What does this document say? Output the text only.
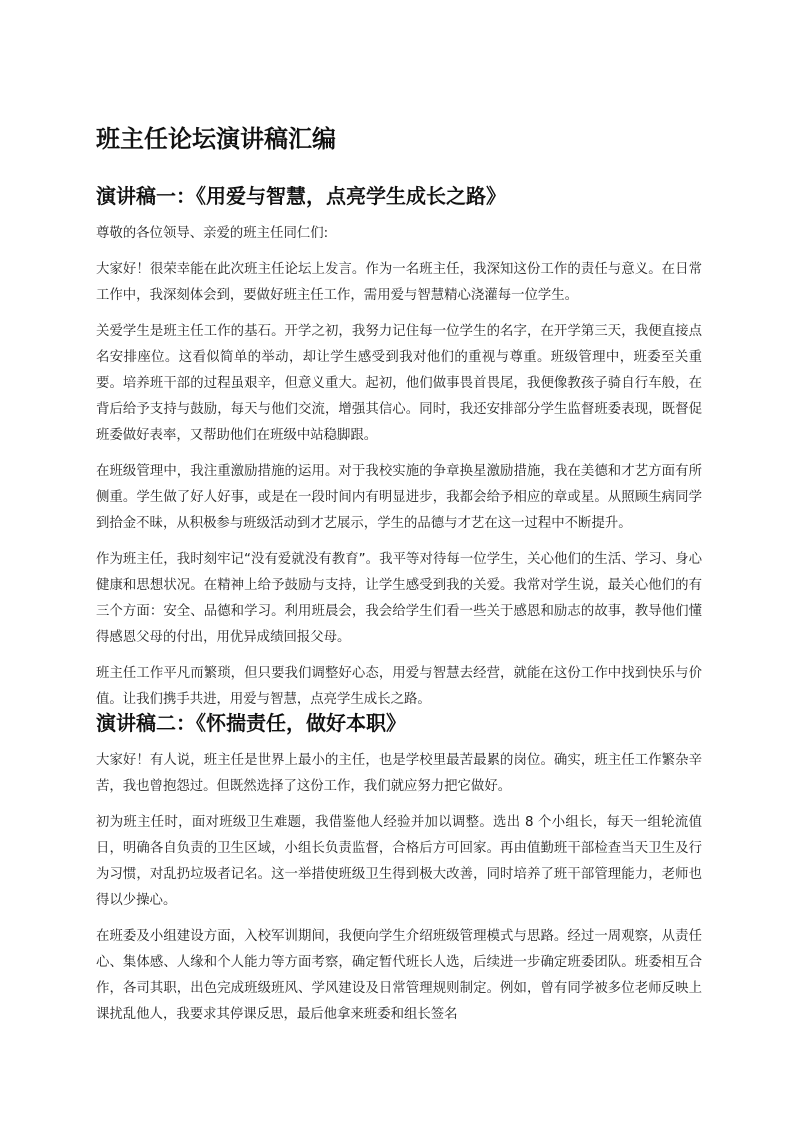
班主任论坛演讲稿汇编
演讲稿一：《用爱与智慧，点亮学生成长之路》

尊敬的各位领导、亲爱的班主任同仁们:

大家好！很荣幸能在此次班主任论坛上发言。作为一名班主任，我深知这份工作的责任与意义。在日常工作中，我深刻体会到，要做好班主任工作，需用爱与智慧精心浇灌每一位学生。

关爱学生是班主任工作的基石。开学之初，我努力记住每一位学生的名字，在开学第三天，我便直接点名安排座位。这看似简单的举动，却让学生感受到我对他们的重视与尊重。班级管理中，班委至关重要。培养班干部的过程虽艰辛，但意义重大。起初，他们做事畏首畏尾，我便像教孩子骑自行车般，在背后给予支持与鼓励，每天与他们交流，增强其信心。同时，我还安排部分学生监督班委表现，既督促班委做好表率，又帮助他们在班级中站稳脚跟。

在班级管理中，我注重激励措施的运用。对于我校实施的争章换星激励措施，我在美德和才艺方面有所侧重。学生做了好人好事，或是在一段时间内有明显进步，我都会给予相应的章或星。从照顾生病同学到拾金不昧，从积极参与班级活动到才艺展示，学生的品德与才艺在这一过程中不断提升。

作为班主任，我时刻牢记“没有爱就没有教育”。我平等对待每一位学生，关心他们的生活、学习、身心健康和思想状况。在精神上给予鼓励与支持，让学生感受到我的关爱。我常对学生说，最关心他们的有三个方面：安全、品德和学习。利用班晨会，我会给学生们看一些关于感恩和励志的故事，教导他们懂得感恩父母的付出，用优异成绩回报父母。

班主任工作平凡而繁琐，但只要我们调整好心态，用爱与智慧去经营，就能在这份工作中找到快乐与价值。让我们携手共进，用爱与智慧，点亮学生成长之路。

演讲稿二：《怀揣责任，做好本职》

大家好！有人说，班主任是世界上最小的主任，也是学校里最苦最累的岗位。确实，班主任工作繁杂辛苦，我也曾抱怨过。但既然选择了这份工作，我们就应努力把它做好。

初为班主任时，面对班级卫生难题，我借鉴他人经验并加以调整。选出 8 个小组长，每天一组轮流值日，明确各自负责的卫生区域，小组长负责监督，合格后方可回家。再由值勤班干部检查当天卫生及行为习惯，对乱扔垃圾者记名。这一举措使班级卫生得到极大改善，同时培养了班干部管理能力，老师也得以少操心。

在班委及小组建设方面，入校军训期间，我便向学生介绍班级管理模式与思路。经过一周观察，从责任心、集体感、人缘和个人能力等方面考察，确定暂代班长人选，后续进一步确定班委团队。班委相互合作，各司其职，出色完成班级班风、学风建设及日常管理规则制定。例如，曾有同学被多位老师反映上课扰乱他人，我要求其停课反思，最后他拿来班委和组长签名
